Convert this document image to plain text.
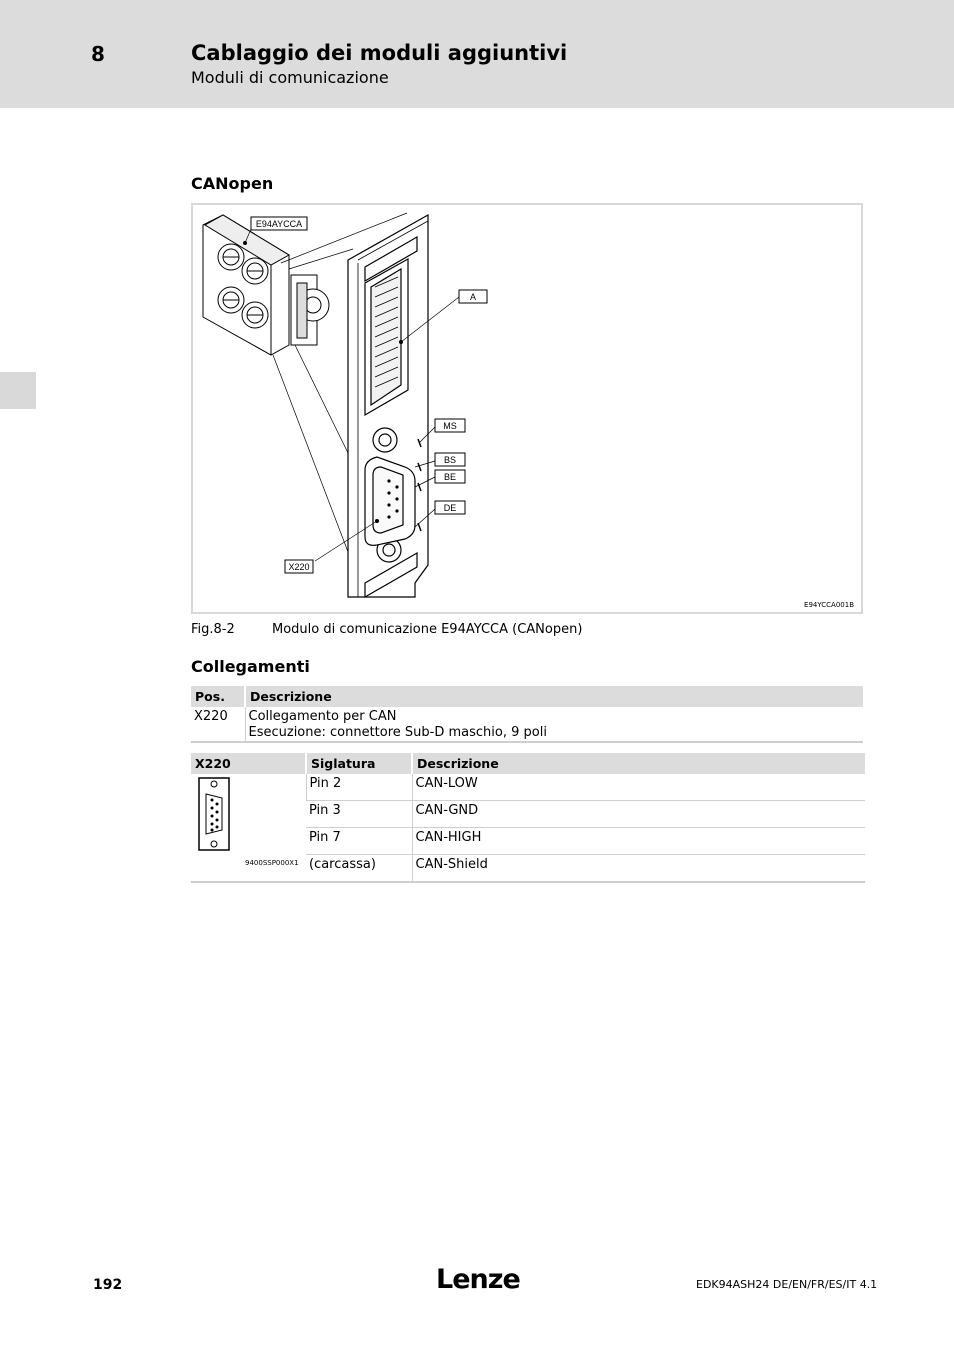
8	Cablaggio dei moduli aggiuntivi
Moduli di comunicazione
CANopen
E94AYCCA
A
MS
BS
BE
DE
X220
E94YCCA001B
Fig.8-2	Modulo di comunicazione E94AYCCA (CANopen)
Collegamenti
Pos.	Descrizione
X220	Collegamento per CAN
Esecuzione: connettore Sub-D maschio, 9 poli
X220	Siglatura	Descrizione

9400SSP000X1	Pin 2	CAN-LOW
	Pin 3	CAN-GND
	Pin 7	CAN-HIGH
	(carcassa)	CAN-Shield
192	Lenze	EDK94ASH24 DE/EN/FR/ES/IT 4.1
